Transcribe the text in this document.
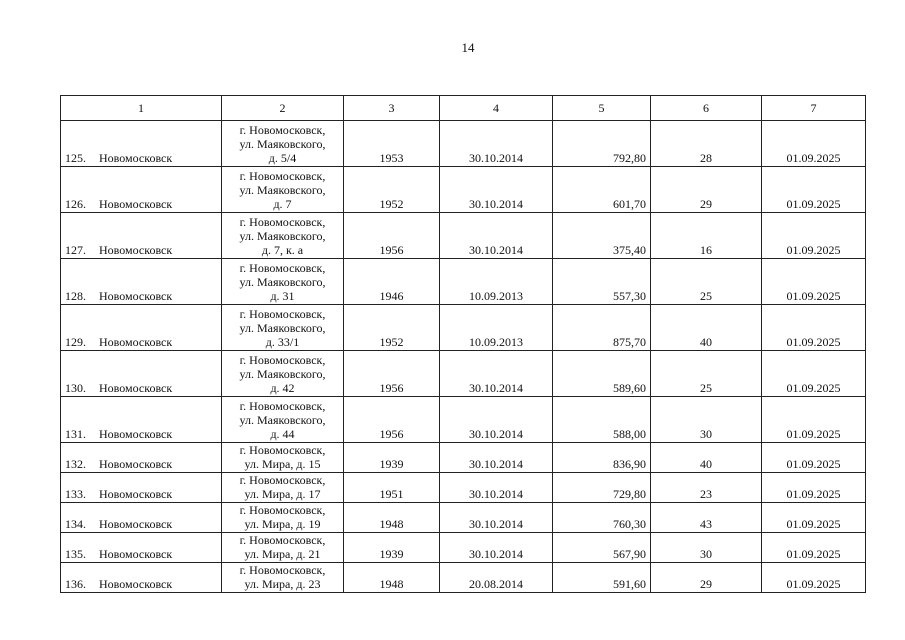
14
1	2	3	4	5	6	7
125. Новомосковск	г. Новомосковск,
ул. Маяковского,
д. 5/4	1953	30.10.2014	792,80	28	01.09.2025
126. Новомосковск	г. Новомосковск,
ул. Маяковского,
д. 7	1952	30.10.2014	601,70	29	01.09.2025
127. Новомосковск	г. Новомосковск,
ул. Маяковского,
д. 7, к. а	1956	30.10.2014	375,40	16	01.09.2025
128. Новомосковск	г. Новомосковск,
ул. Маяковского,
д. 31	1946	10.09.2013	557,30	25	01.09.2025
129. Новомосковск	г. Новомосковск,
ул. Маяковского,
д. 33/1	1952	10.09.2013	875,70	40	01.09.2025
130. Новомосковск	г. Новомосковск,
ул. Маяковского,
д. 42	1956	30.10.2014	589,60	25	01.09.2025
131. Новомосковск	г. Новомосковск,
ул. Маяковского,
д. 44	1956	30.10.2014	588,00	30	01.09.2025
132. Новомосковск	г. Новомосковск,
ул. Мира, д. 15	1939	30.10.2014	836,90	40	01.09.2025
133. Новомосковск	г. Новомосковск,
ул. Мира, д. 17	1951	30.10.2014	729,80	23	01.09.2025
134. Новомосковск	г. Новомосковск,
ул. Мира, д. 19	1948	30.10.2014	760,30	43	01.09.2025
135. Новомосковск	г. Новомосковск,
ул. Мира, д. 21	1939	30.10.2014	567,90	30	01.09.2025
136. Новомосковск	г. Новомосковск,
ул. Мира, д. 23	1948	20.08.2014	591,60	29	01.09.2025
